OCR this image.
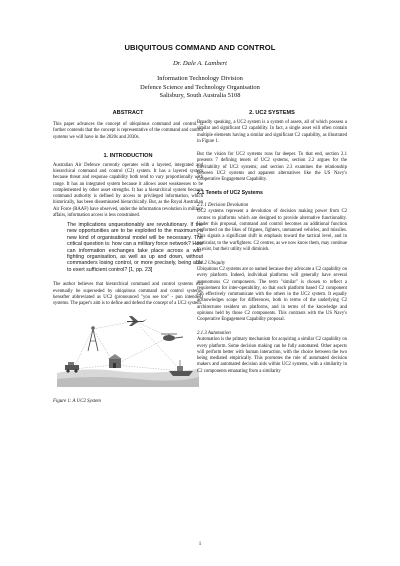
UBIQUITOUS COMMAND AND CONTROL
Dr. Dale A. Lambert
Information Technology Division
Defence Science and Technology Organisation
Salisbury, South Australia 5108
ABSTRACT

This paper advances the concept of ubiquitous command and control. It further contends that the concept is representative of the command and control systems we will have in the 2020s and 2030s.

1. INTRODUCTION

Australian Air Defence currently operates with a layered, integrated and hierarchical command and control (C2) system. It has a layered system because threat and response capability both tend to vary proportionally with range. It has an integrated system because it allows asset weaknesses to be complemented by other asset strengths. It has a hierarchical system because command authority is defined by access to privileged information, which historically, has been disseminated hierarchically. But, as the Royal Australian Air Force (RAAF) have observed, under the information revolution in military affairs, information access is less constrained.

The implications unquestionably are revolutionary. If the new opportunities are to be exploited to the maximum, a new kind of organisational model will be necessary. The critical question is: how can a military force network? How can information exchanges take place across a war-fighting organisation, as well as up and down, without commanders losing control, or more precisely, being able to exert sufficient control? [1, pp. 23]

The author believes that hierarchical command and control systems will eventually be superseded by ubiquitous command and control systems, hereafter abbreviated as UC2 (pronounced "you see too" - pun intended) systems. The paper's aim is to define and defend the concept of a UC2 system.

Figure 1: A UC2 System

2. UC2 SYSTEMS

Broadly speaking, a UC2 system is a system of assets, all of which possess a similar and significant C2 capability. In fact, a single asset will often contain multiple elements having a similar and significant C2 capability, as illustrated in Figure 1.

But the vision for UC2 systems runs far deeper. To that end, section 2.1 presents 7 defining tenets of UC2 systems, section 2.2 argues for the inevitability of UC2 systems; and section 2.3 examines the relationship between UC2 systems and apparent alternatives like the US Navy's Cooperative Engagement Capability.

2.1 Tenets of UC2 Systems
2.1.1 Decision Devolution

UC2 systems represent a devolution of decision making power from C2 centres to platforms which are designed to provide alternative functionality. Under this proposal, command and control becomes an additional function performed on the likes of frigates, fighters, unmanned vehicles, and missiles. This signals a significant shift in emphasis toward the tactical level, and in particular, to the warfighters. C2 centres, as we now know them, may continue to exist, but their utility will diminish.

2.1.2 Ubiquity

Ubiquitous C2 systems are so named because they advocate a C2 capability on every platform. Indeed, individual platforms will generally have several autonomous C2 components. The term "similar" is chosen to reflect a requirement for inter-operability, so that each platform based C2 component can effectively communicate with the others in the UC2 system. It equally acknowledges scope for differences, both in terms of the underlying C2 architectures resident on platforms, and in terms of the knowledge and opinions held by those C2 components. This contrasts with the US Navy's Cooperative Engagement Capability proposal.

2.1.3 Automation

Automation is the primary mechanism for acquiring a similar C2 capability on every platform. Some decision making can be fully automated. Other aspects will perform better with human interaction, with the choice between the two being mediated empirically. This promotes the role of automated decision makers and automated decision aids within UC2 systems, with a similarity in C2 components emanating from a similarity

1
